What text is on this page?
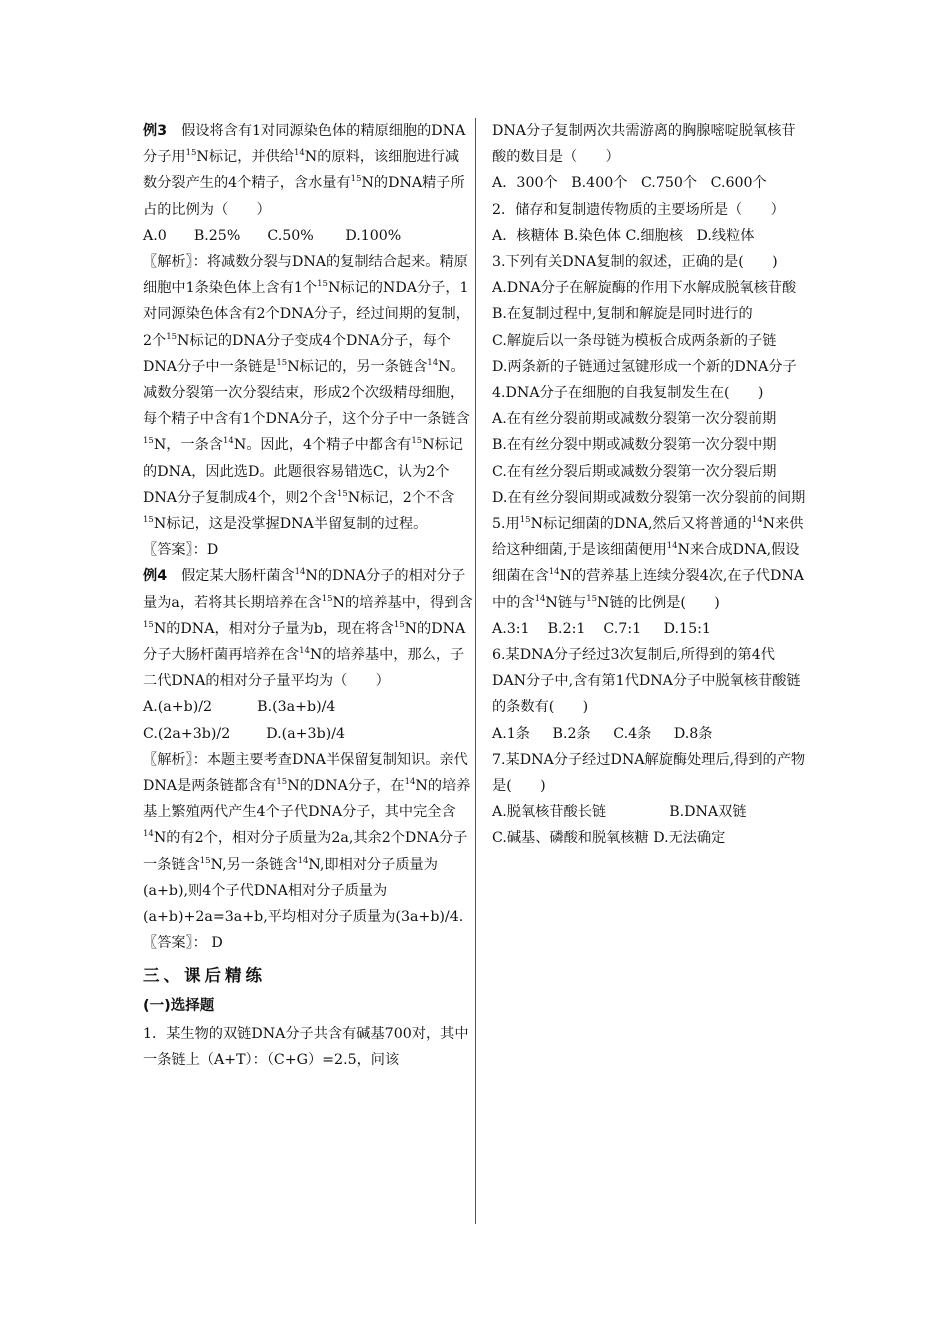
例3 假设将含有1对同源染色体的精原细胞的DNA分子用$^{15}$N标记，并供给$^{14}$N的原料，该细胞进行减数分裂产生的4个精子，含水量有$^{15}$N的DNA精子所占的比例为（　　）

A.0      B.25%      C.50%       D.100%

〖解析〗：将减数分裂与DNA的复制结合起来。精原细胞中1条染色体上含有1个$^{15}$N标记的NDA分子，1对同源染色体含有2个DNA分子，经过间期的复制，2个$^{15}$N标记的DNA分子变成4个DNA分子，每个DNA分子中一条链是$^{15}$N标记的，另一条链含$^{14}$N。减数分裂第一次分裂结束，形成2个次级精母细胞，每个精子中含有1个DNA分子，这个分子中一条链含$^{15}$N，一条含$^{14}$N。因此，4个精子中都含有$^{15}$N标记的DNA，因此选D。此题很容易错选C，认为2个DNA分子复制成4个，则2个含$^{15}$N标记，2个不含$^{15}$N标记，这是没掌握DNA半留复制的过程。

〖答案〗：D

例4 假定某大肠杆菌含$^{14}$N的DNA分子的相对分子量为a，若将其长期培养在含$^{15}$N的培养基中，得到含$^{15}$N的DNA，相对分子量为b，现在将含$^{15}$N的DNA分子大肠杆菌再培养在含$^{14}$N的培养基中，那么，子二代DNA的相对分子量平均为（　　）

A.(a+b)/2          B.(3a+b)/4

C.(2a+3b)/2        D.(a+3b)/4

〖解析〗：本题主要考查DNA半保留复制知识。亲代DNA是两条链都含有$^{15}$N的DNA分子，在$^{14}$N的培养基上繁殖两代产生4个子代DNA分子，其中完全含$^{14}$N的有2个，相对分子质量为2a,其余2个DNA分子一条链含$^{15}$N,另一条链含$^{14}$N,即相对分子质量为(a+b),则4个子代DNA相对分子质量为(a+b)+2a=3a+b,平均相对分子质量为(3a+b)/4.

〖答案〗： D

三、课后精练

(一)选择题

1．某生物的双链DNA分子共含有碱基700对，其中一条链上（A+T）：（C+G）=2.5，问该

DNA分子复制两次共需游离的胸腺嘧啶脱氧核苷酸的数目是（　　）

A．300个   B.400个   C.750个   C.600个

2．储存和复制遗传物质的主要场所是（　　）

A．核糖体 B.染色体 C.细胞核   D.线粒体

3.下列有关DNA复制的叙述，正确的是(　　)

A.DNA分子在解旋酶的作用下水解成脱氧核苷酸

B.在复制过程中,复制和解旋是同时进行的

C.解旋后以一条母链为模板合成两条新的子链

D.两条新的子链通过氢键形成一个新的DNA分子

4.DNA分子在细胞的自我复制发生在(　　)

A.在有丝分裂前期或减数分裂第一次分裂前期

B.在有丝分裂中期或减数分裂第一次分裂中期

C.在有丝分裂后期或减数分裂第一次分裂后期

D.在有丝分裂间期或减数分裂第一次分裂前的间期

5.用$^{15}$N标记细菌的DNA,然后又将普通的$^{14}$N来供给这种细菌,于是该细菌便用$^{14}$N来合成DNA,假设细菌在含$^{14}$N的营养基上连续分裂4次,在子代DNA中的含$^{14}$N链与$^{15}$N链的比例是(　　)

A.3:1    B.2:1    C.7:1     D.15:1

6.某DNA分子经过3次复制后,所得到的第4代DAN分子中,含有第1代DNA分子中脱氧核苷酸链的条数有(　　)

A.1条     B.2条     C.4条     D.8条

7.某DNA分子经过DNA解旋酶处理后,得到的产物是(　　)

A.脱氧核苷酸长链              B.DNA双链

C.碱基、磷酸和脱氧核糖 D.无法确定
